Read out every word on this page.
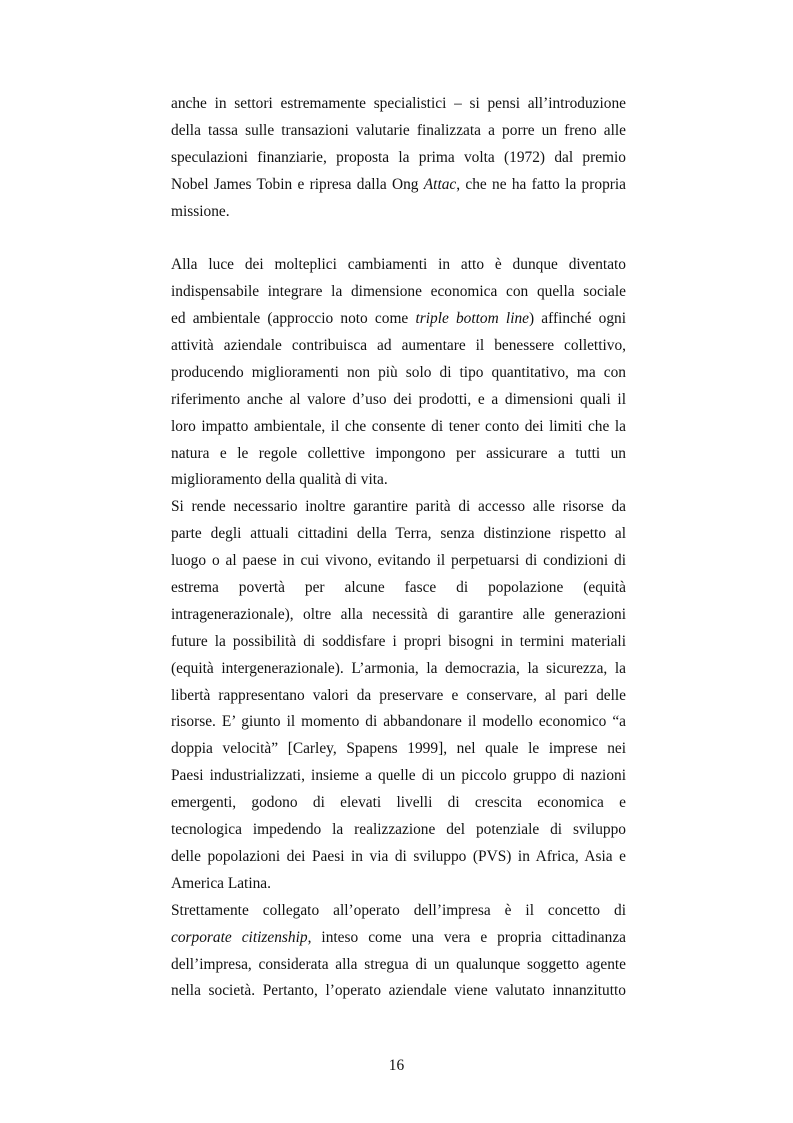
anche in settori estremamente specialistici – si pensi all’introduzione
della tassa sulle transazioni valutarie finalizzata a porre un freno alle
speculazioni finanziarie, proposta la prima volta (1972) dal premio
Nobel James Tobin e ripresa dalla Ong Attac, che ne ha fatto la propria
missione.
Alla luce dei molteplici cambiamenti in atto è dunque diventato
indispensabile integrare la dimensione economica con quella sociale
ed ambientale (approccio noto come triple bottom line) affinché ogni
attività aziendale contribuisca ad aumentare il benessere collettivo,
producendo miglioramenti non più solo di tipo quantitativo, ma con
riferimento anche al valore d’uso dei prodotti, e a dimensioni quali il
loro impatto ambientale, il che consente di tener conto dei limiti che la
natura e le regole collettive impongono per assicurare a tutti un
miglioramento della qualità di vita.
Si rende necessario inoltre garantire parità di accesso alle risorse da
parte degli attuali cittadini della Terra, senza distinzione rispetto al
luogo o al paese in cui vivono, evitando il perpetuarsi di condizioni di
estrema povertà per alcune fasce di popolazione (equità
intragenerazionale), oltre alla necessità di garantire alle generazioni
future la possibilità di soddisfare i propri bisogni in termini materiali
(equità intergenerazionale). L’armonia, la democrazia, la sicurezza, la
libertà rappresentano valori da preservare e conservare, al pari delle
risorse. E’ giunto il momento di abbandonare il modello economico “a
doppia velocità” [Carley, Spapens 1999], nel quale le imprese nei
Paesi industrializzati, insieme a quelle di un piccolo gruppo di nazioni
emergenti, godono di elevati livelli di crescita economica e
tecnologica impedendo la realizzazione del potenziale di sviluppo
delle popolazioni dei Paesi in via di sviluppo (PVS) in Africa, Asia e
America Latina.
Strettamente collegato all’operato dell’impresa è il concetto di
corporate citizenship, inteso come una vera e propria cittadinanza
dell’impresa, considerata alla stregua di un qualunque soggetto agente
nella società. Pertanto, l’operato aziendale viene valutato innanzitutto
16
